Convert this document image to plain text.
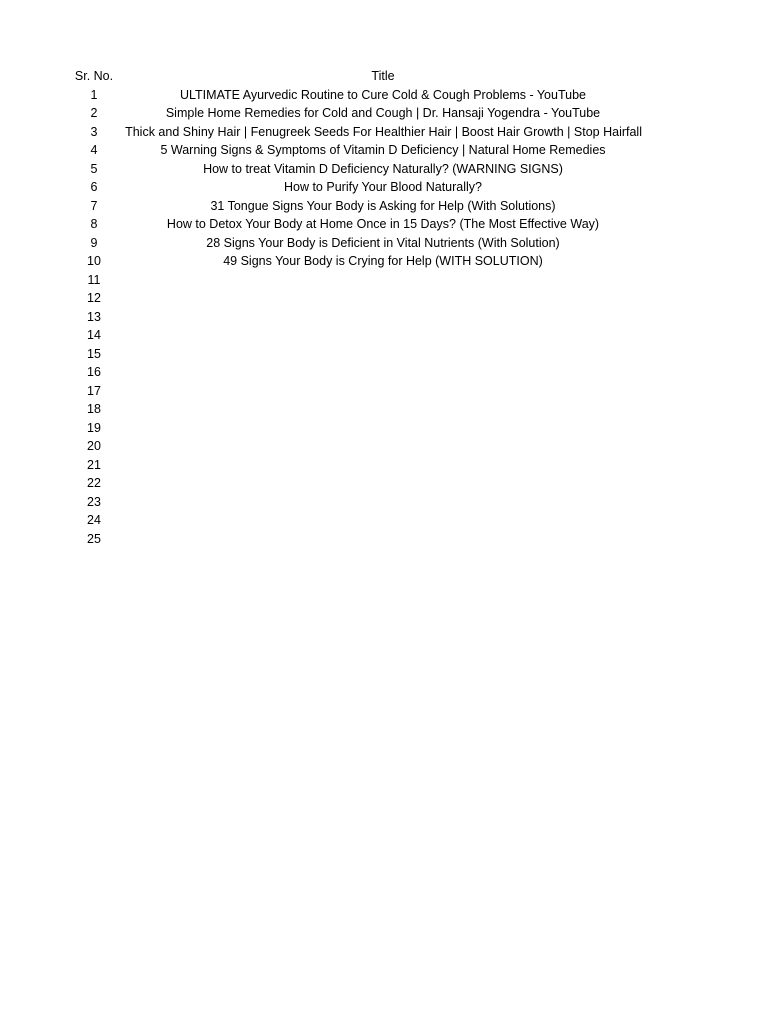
Sr. No.	Title
1	ULTIMATE Ayurvedic Routine to Cure Cold & Cough Problems - YouTube
2	Simple Home Remedies for Cold and Cough | Dr. Hansaji Yogendra - YouTube
3	Thick and Shiny Hair | Fenugreek Seeds For Healthier Hair | Boost Hair Growth | Stop Hairfall
4	5 Warning Signs & Symptoms of Vitamin D Deficiency | Natural Home Remedies
5	How to treat Vitamin D Deficiency Naturally? (WARNING SIGNS)
6	How to Purify Your Blood Naturally?
7	31 Tongue Signs Your Body is Asking for Help (With Solutions)
8	How to Detox Your Body at Home Once in 15 Days? (The Most Effective Way)
9	28 Signs Your Body is Deficient in Vital Nutrients (With Solution)
10	49 Signs Your Body is Crying for Help (WITH SOLUTION)
11
12
13
14
15
16
17
18
19
20
21
22
23
24
25
